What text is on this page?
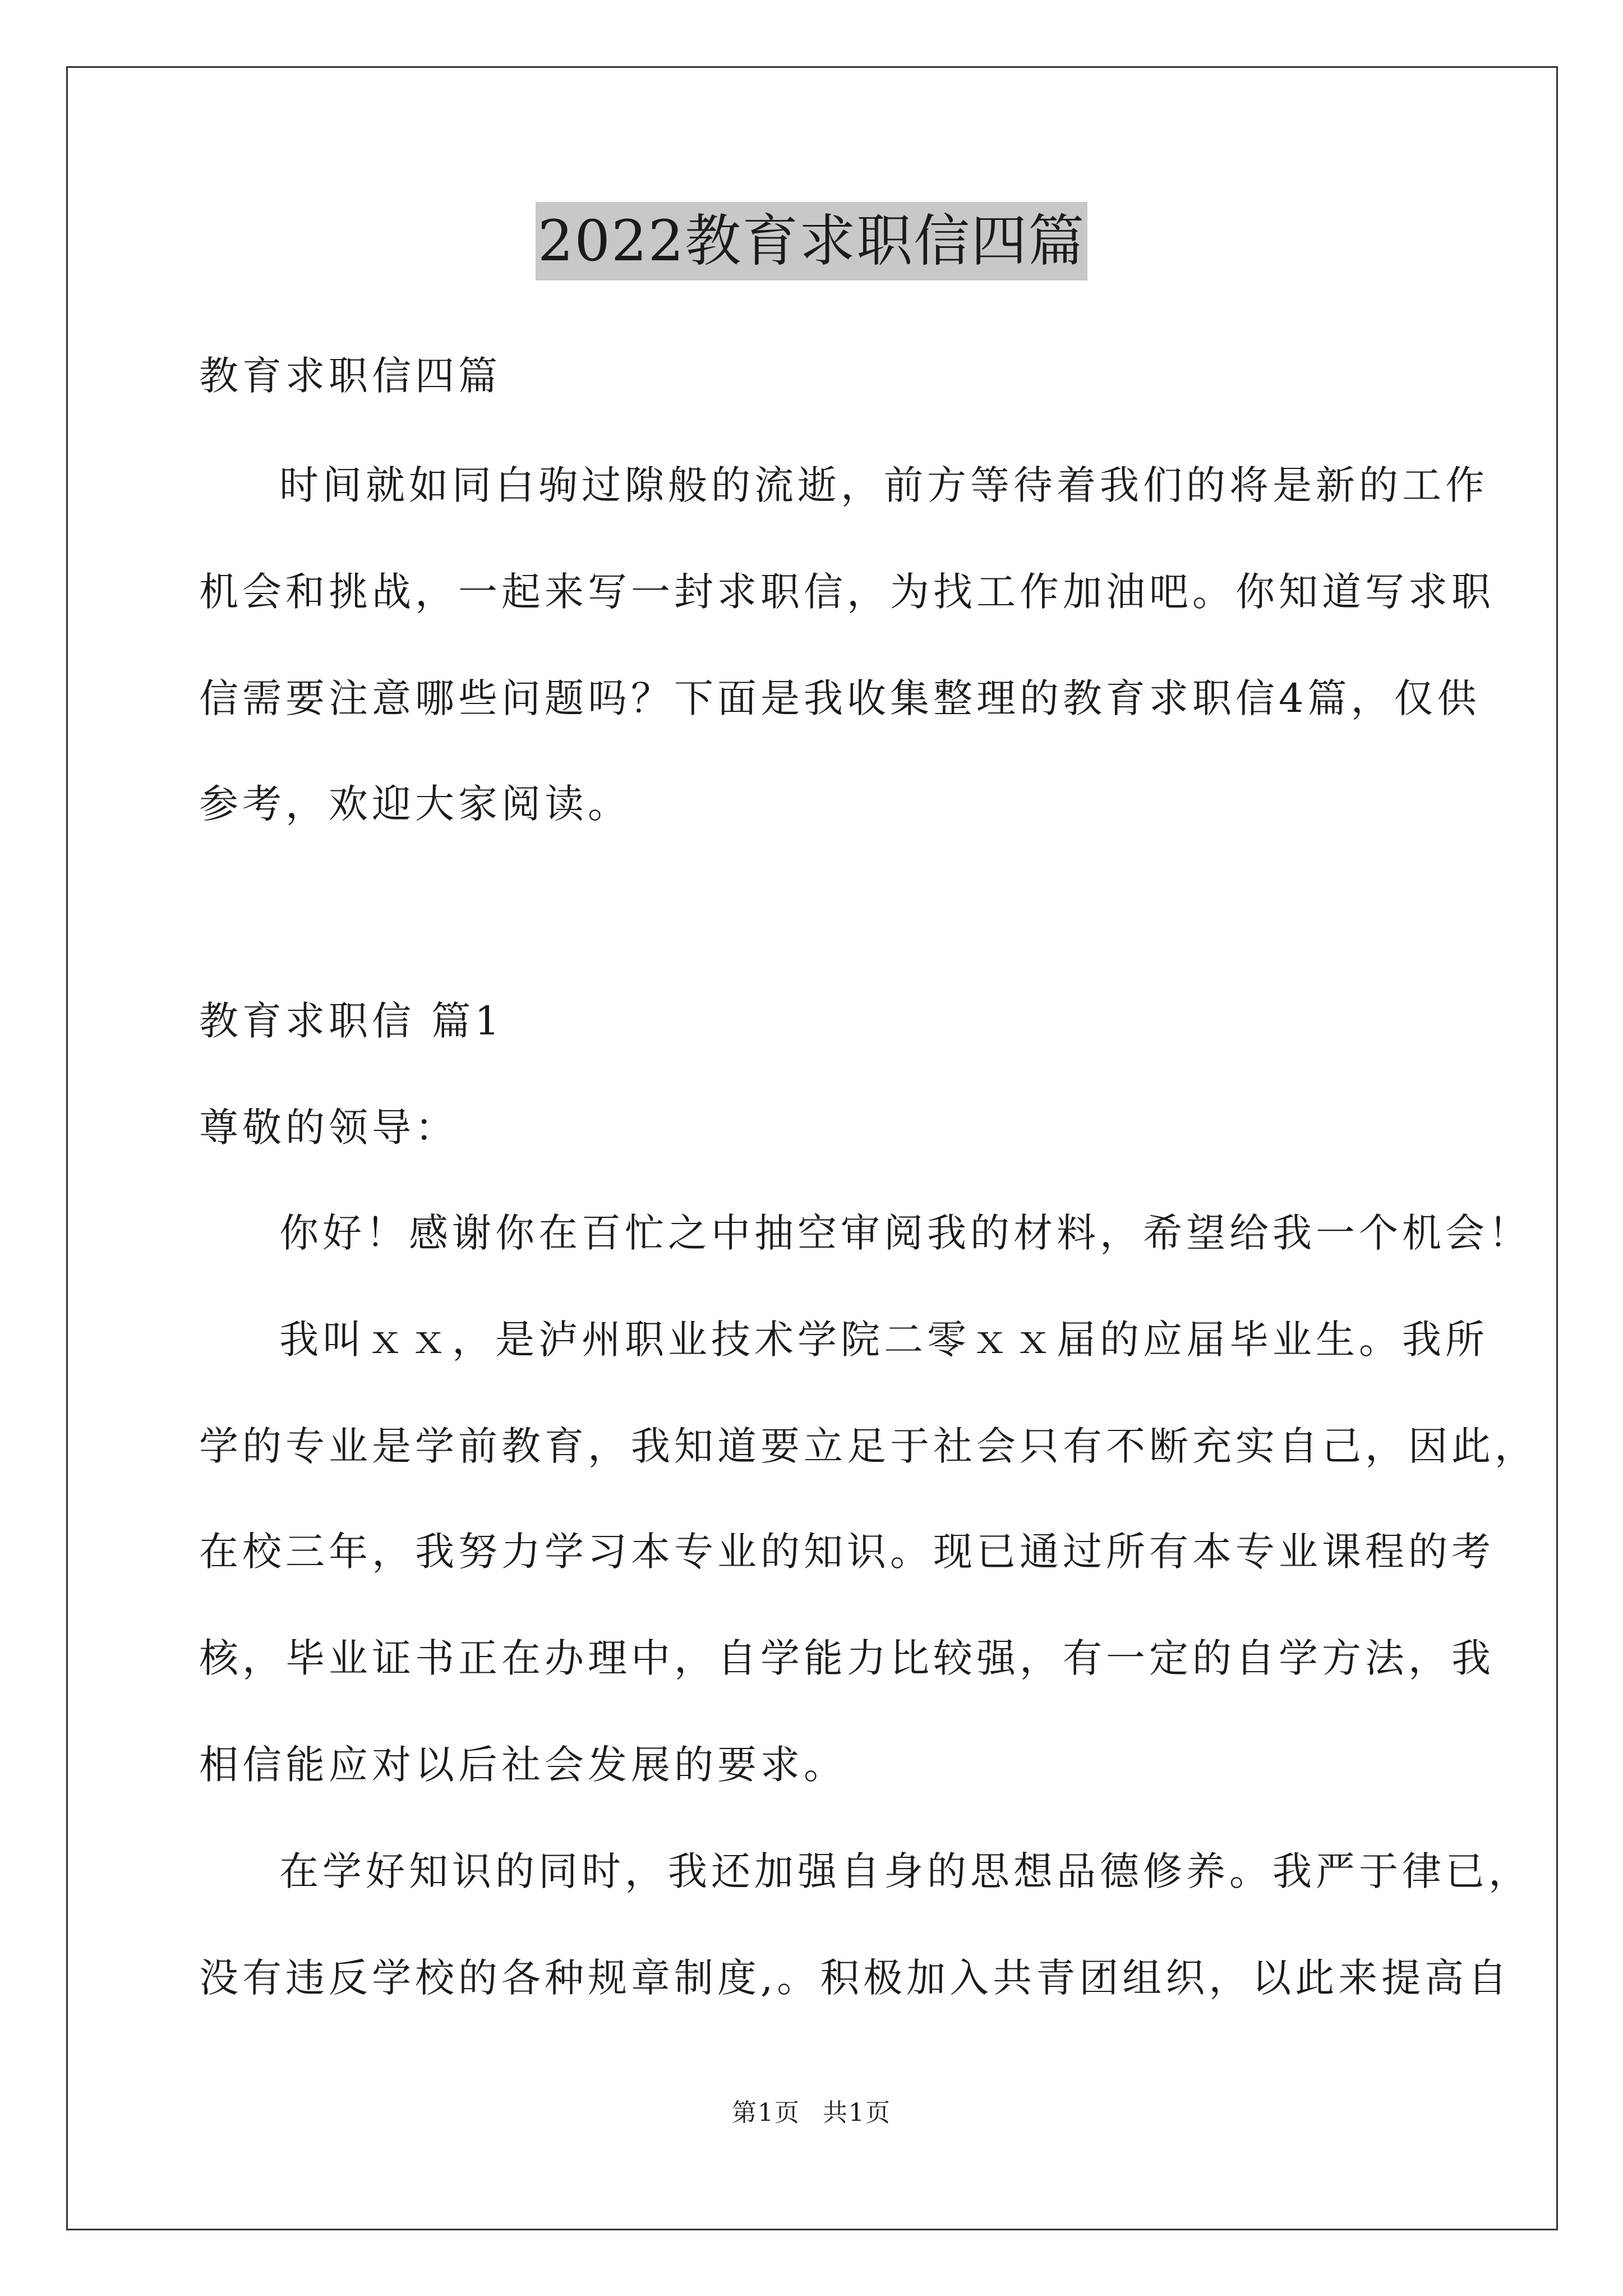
2022教育求职信四篇
教育求职信四篇
时间就如同白驹过隙般的流逝，前方等待着我们的将是新的工作
机会和挑战，一起来写一封求职信，为找工作加油吧。你知道写求职
信需要注意哪些问题吗？下面是我收集整理的教育求职信4篇，仅供
参考，欢迎大家阅读。
教育求职信 篇1
尊敬的领导：
你好！感谢你在百忙之中抽空审阅我的材料，希望给我一个机会！
我叫ｘｘ，是泸州职业技术学院二零ｘｘ届的应届毕业生。我所
学的专业是学前教育，我知道要立足于社会只有不断充实自己，因此，
在校三年，我努力学习本专业的知识。现已通过所有本专业课程的考
核，毕业证书正在办理中，自学能力比较强，有一定的自学方法，我
相信能应对以后社会发展的要求。
在学好知识的同时，我还加强自身的思想品德修养。我严于律已，
没有违反学校的各种规章制度,。积极加入共青团组织，以此来提高自
第1页 共1页
